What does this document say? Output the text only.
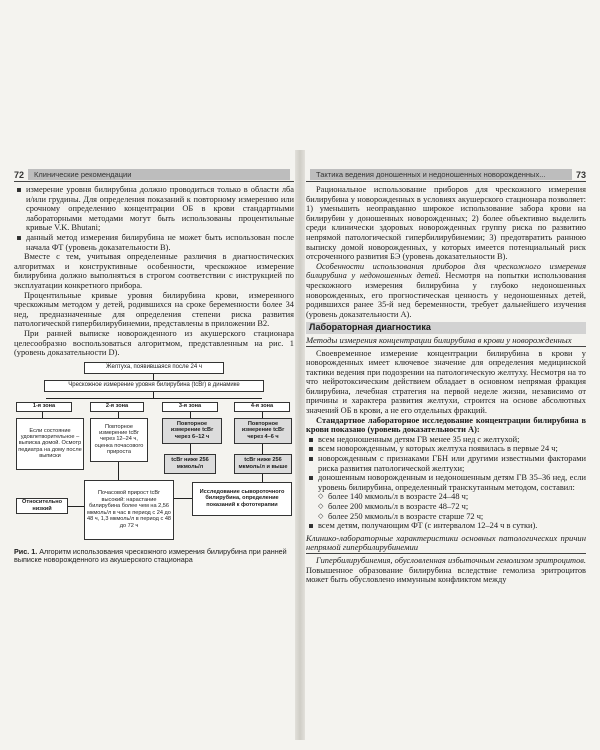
72	Клинические рекомендации
измерение уровня билирубина должно проводиться только в области лба и/или грудины. Для определения показаний к повторному измерению или срочному определению концентрации ОБ в крови стандартными лабораторными методами могут быть использованы процентильные кривые V.K. Bhutani;
данный метод измерения билирубина не может быть использован после начала ФТ (уровень доказательности В).

Вместе с тем, учитывая определенные различия в диагностических алгоритмах и конструктивные особенности, чрескожное измерение билирубина должно выполняться в строгом соответствии с инструкцией по эксплуатации конкретного прибора.

Процентильные кривые уровня билирубина крови, измеренного чрескожным методом у детей, родившихся на сроке беременности более 34 нед, предназначенные для определения степени риска развития патологической гипербилирубинемии, представлены в приложении В2.

При ранней выписке новорожденного из акушерского стационара целесообразно воспользоваться алгоритмом, представленным на рис. 1 (уровень доказательности D).

Желтуха, появившаяся после 24 ч
Чрескожное измерение уровня билирубина (tcBr) в динамике
1-я зона	2-я зона	3-я зона	4-я зона
Если состояние удовлетворительное – выписка домой. Осмотр педиатра на дому после выписки
Повторное измерение tcBr через 12–24 ч, оценка почасового прироста
Повторное измерение tcBr через 6–12 ч
Повторное измерение tcBr через 4–6 ч
tcBr ниже 256 мкмоль/л
tcBr ниже 256 мкмоль/л и выше
Относительно низкий
Почасовой прирост tcBr высокий: нарастание билирубина более чем на 2,56 мкмоль/л в час в период с 24 до 48 ч, 1,3 мкмоль/л в период с 48 до 72 ч
Исследование сывороточного билирубина, определение показаний к фототерапии
Рис. 1. Алгоритм использования чрескожного измерения билирубина при ранней выписке новорожденного из акушерского стационара
Тактика ведения доношенных и недоношенных новорожденных...	73

Рациональное использование приборов для чрескожного измерения билирубина у новорожденных в условиях акушерского стационара позволяет: 1) уменьшить неоправданно широкое использование забора крови на билирубин у доношенных новорожденных; 2) более объективно выделить среди клинически здоровых новорожденных группу риска по развитию непрямой патологической гипербилирубинемии; 3) предотвратить раннюю выписку домой новорожденных, у которых имеется потенциальный риск отсроченного развития БЭ (уровень доказательности В).

Особенности использования приборов для чрескожного измерения билирубина у недоношенных детей. Несмотря на попытки использования чрескожного измерения билирубина у глубоко недоношенных новорожденных, его прогностическая ценность у недоношенных детей, родившихся ранее 35-й нед беременности, требует дальнейшего изучения (уровень доказательности А).

Лабораторная диагностика
Методы измерения концентрации билирубина в крови у новорожденных

Своевременное измерение концентрации билирубина в крови у новорожденных имеет ключевое значение для определения медицинской тактики ведения при подозрении на патологическую желтуху. Несмотря на то что нейротоксическим действием обладает в основном непрямая фракция билирубина, лечебная стратегия на первой неделе жизни, независимо от причины и характера развития желтухи, строится на основе абсолютных значений ОБ в крови, а не его отдельных фракций.

Стандартное лабораторное исследование концентрации билирубина в крови показано (уровень доказательности А):

всем недоношенным детям ГВ менее 35 нед с желтухой;
всем новорожденным, у которых желтуха появилась в первые 24 ч;
новорожденным с признаками ГБН или другими известными факторами риска развития патологической желтухи;
доношенным новорожденным и недоношенным детям ГВ 35–36 нед, если уровень билирубина, определенный транскутанным методом, составил:
◇ более 140 мкмоль/л в возрасте 24–48 ч;
◇ более 200 мкмоль/л в возрасте 48–72 ч;
◇ более 250 мкмоль/л в возрасте старше 72 ч;
всем детям, получающим ФТ (с интервалом 12–24 ч в сутки).
Клинико-лабораторные характеристики основных патологических причин непрямой гипербилирубинемии

Гипербилирубинемия, обусловленная избыточным гемолизом эритроцитов. Повышенное образование билирубина вследствие гемолиза эритроцитов может быть обусловлено иммунным конфликтом между
